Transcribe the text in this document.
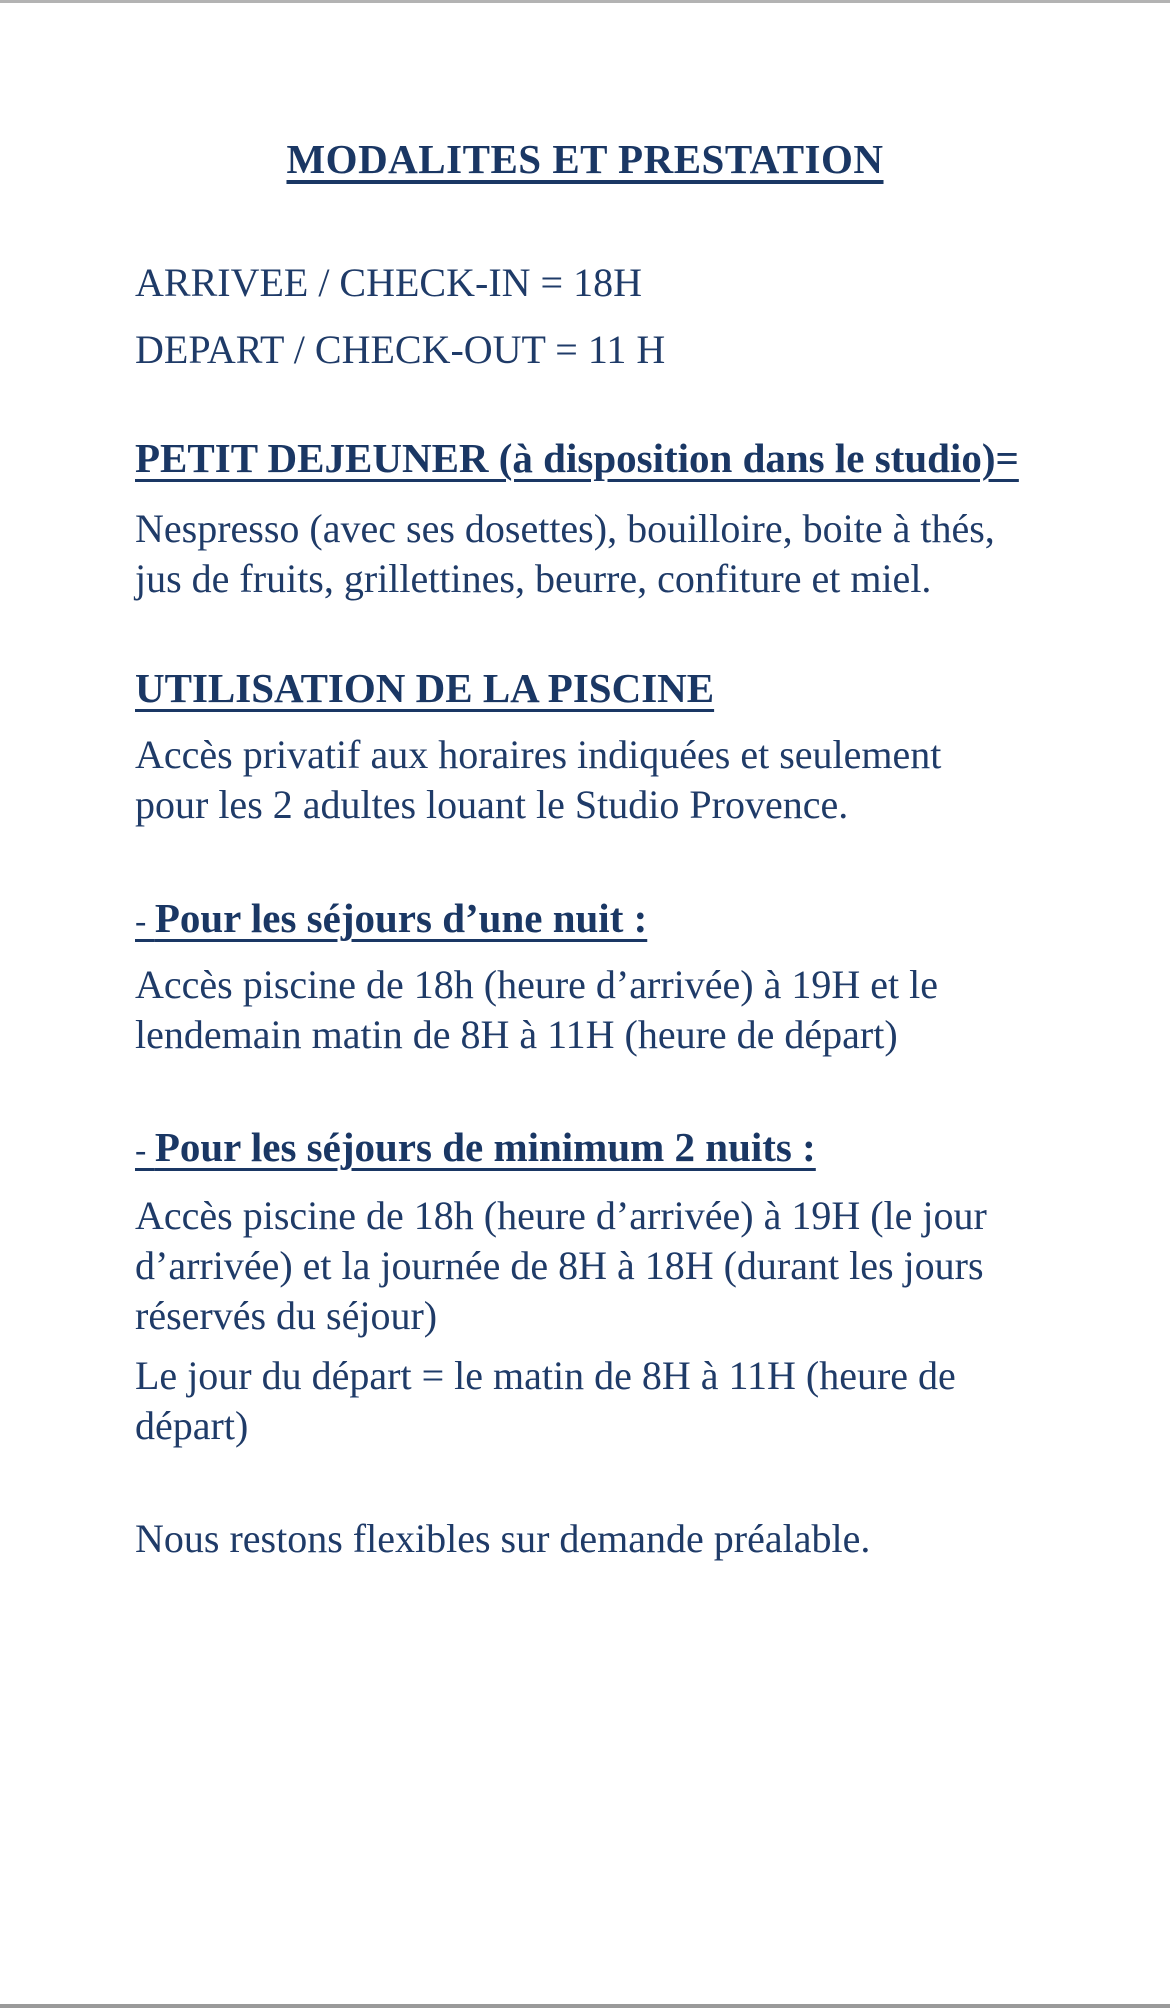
MODALITES ET PRESTATION
ARRIVEE / CHECK-IN = 18H
DEPART / CHECK-OUT = 11 H
PETIT DEJEUNER (à disposition dans le studio)=
Nespresso (avec ses dosettes), bouilloire, boite à thés,
jus de fruits, grillettines, beurre, confiture et miel.
UTILISATION DE LA PISCINE
Accès privatif aux horaires indiquées et seulement
pour les 2 adultes louant le Studio Provence.
- Pour les séjours d’une nuit :
Accès piscine de 18h (heure d’arrivée) à 19H et le
lendemain matin de 8H à 11H (heure de départ)
- Pour les séjours de minimum 2 nuits :
Accès piscine de 18h (heure d’arrivée) à 19H (le jour
d’arrivée) et la journée de 8H à 18H (durant les jours
réservés du séjour)
Le jour du départ = le matin de 8H à 11H (heure de
départ)
Nous restons flexibles sur demande préalable.
